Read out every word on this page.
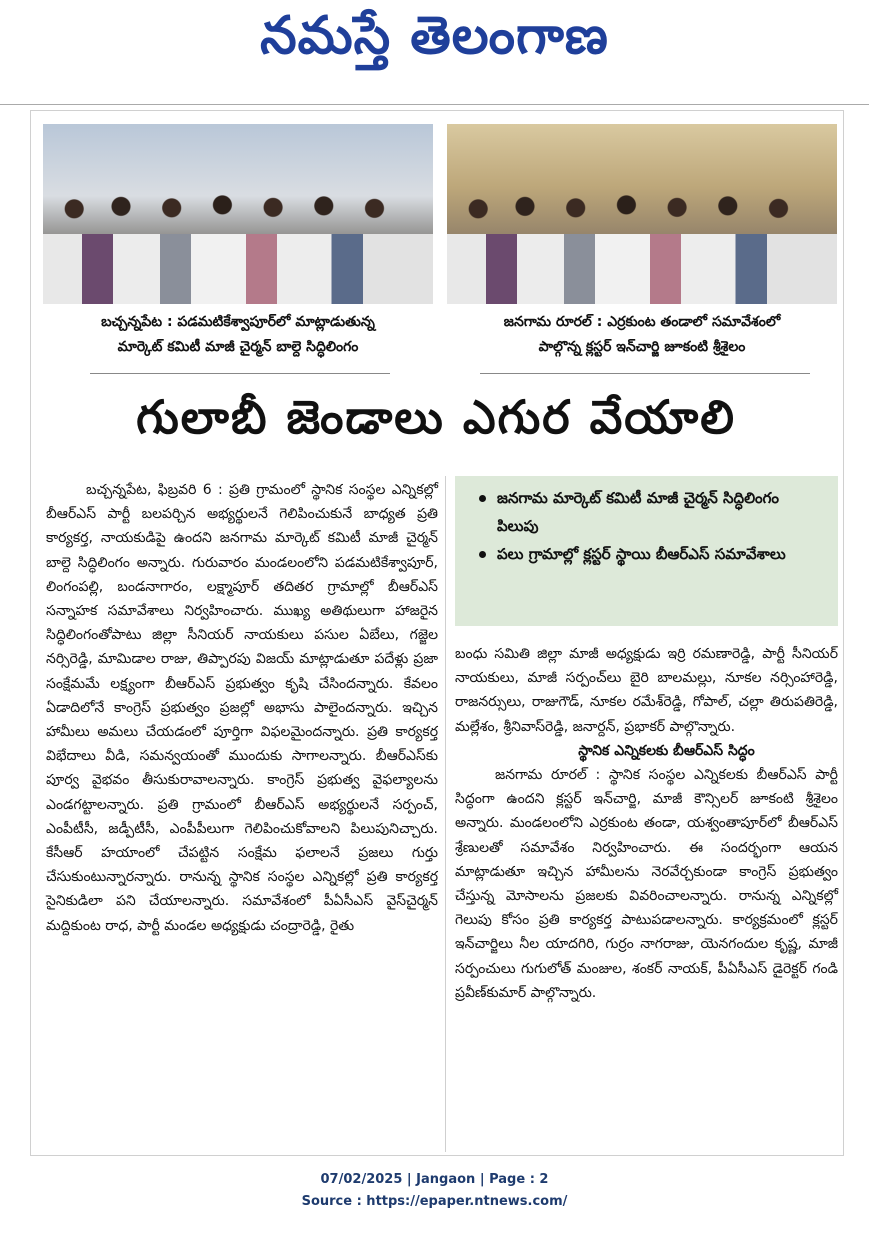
నమస్తే తెలంగాణ
బచ్చన్నపేట : పడమటికేశ్వాపూర్‌లో మాట్లాడుతున్న
మార్కెట్ కమిటీ మాజీ చైర్మన్ బాల్దె సిద్ధిలింగం
జనగామ రూరల్ : ఎర్రకుంట తండాలో సమావేశంలో
పాల్గొన్న క్లస్టర్ ఇన్‌చార్జి జూకంటి శ్రీశైలం
గులాబీ జెండాలు ఎగుర వేయాలి

బచ్చన్నపేట, ఫిబ్రవరి 6 : ప్రతి గ్రామంలో స్థానిక సంస్థల ఎన్నికల్లో బీఆర్‌ఎస్ పార్టీ బలపర్చిన అభ్యర్థులనే గెలిపించుకునే బాధ్యత ప్రతి కార్యకర్త, నాయకుడిపై ఉందని జనగామ మార్కెట్ కమిటీ మాజీ చైర్మన్ బాల్దె సిద్ధిలింగం అన్నారు. గురువారం మండలంలోని పడమటికేశ్వాపూర్, లింగంపల్లి, బండనాగారం, లక్ష్మాపూర్ తదితర గ్రామాల్లో బీఆర్‌ఎస్ సన్నాహక సమావేశాలు నిర్వహించారు. ముఖ్య అతిథులుగా హాజరైన సిద్ధిలింగంతోపాటు జిల్లా సీనియర్ నాయకులు పసుల ఏబేలు, గజ్జెల నర్సిరెడ్డి, మామిడాల రాజు, తిప్పారపు విజయ్ మాట్లాడుతూ పదేళ్లు ప్రజా సంక్షేమమే లక్ష్యంగా బీఆర్‌ఎస్ ప్రభుత్వం కృషి చేసిందన్నారు. కేవలం ఏడాదిలోనే కాంగ్రెస్ ప్రభుత్వం ప్రజల్లో అభాసు పాలైందన్నారు. ఇచ్చిన హామీలు అమలు చేయడంలో పూర్తిగా విఫలమైందన్నారు. ప్రతి కార్యకర్త విభేదాలు వీడి, సమన్వయంతో ముందుకు సాగాలన్నారు. బీఆర్‌ఎస్‌కు పూర్వ వైభవం తీసుకురావాలన్నారు. కాంగ్రెస్ ప్రభుత్వ వైఫల్యాలను ఎండగట్టాలన్నారు. ప్రతి గ్రామంలో బీఆర్‌ఎస్ అభ్యర్థులనే సర్పంచ్, ఎంపీటీసీ, జడ్పీటీసీ, ఎంపీపీలుగా గెలిపించుకోవాలని పిలుపునిచ్చారు. కేసీఆర్ హయాంలో చేపట్టిన సంక్షేమ ఫలాలనే ప్రజలు గుర్తు చేసుకుంటున్నారన్నారు. రానున్న స్థానిక సంస్థల ఎన్నికల్లో ప్రతి కార్యకర్త సైనికుడిలా పని చేయాలన్నారు. సమావేశంలో పీఏసీఎస్ వైస్‌చైర్మన్ మద్దికుంట రాధ, పార్టీ మండల అధ్యక్షుడు చంద్రారెడ్డి, రైతు

జనగామ మార్కెట్ కమిటీ మాజీ చైర్మన్ సిద్ధిలింగం పిలుపు
పలు గ్రామాల్లో క్లస్టర్ స్థాయి బీఆర్‌ఎస్ సమావేశాలు

బంధు సమితి జిల్లా మాజీ అధ్యక్షుడు ఇర్రి రమణారెడ్డి, పార్టీ సీనియర్ నాయకులు, మాజీ సర్పంచ్‌లు బైరి బాలమల్లు, నూకల నర్సింహారెడ్డి, రాజనర్సులు, రాజుగౌడ్, నూకల రమేశ్‌రెడ్డి, గోపాల్, చల్లా తిరుపతిరెడ్డి, మల్లేశం, శ్రీనివాస్‌రెడ్డి, జనార్దన్, ప్రభాకర్ పాల్గొన్నారు.

స్థానిక ఎన్నికలకు బీఆర్‌ఎస్ సిద్ధం

జనగామ రూరల్ : స్థానిక సంస్థల ఎన్నికలకు బీఆర్‌ఎస్ పార్టీ సిద్ధంగా ఉందని క్లస్టర్ ఇన్‌చార్జి, మాజీ కౌన్సిలర్ జూకంటి శ్రీశైలం అన్నారు. మండలంలోని ఎర్రకుంట తండా, యశ్వంతాపూర్‌లో బీఆర్‌ఎస్ శ్రేణులతో సమావేశం నిర్వహించారు. ఈ సందర్భంగా ఆయన మాట్లాడుతూ ఇచ్చిన హామీలను నెరవేర్చకుండా కాంగ్రెస్ ప్రభుత్వం చేస్తున్న మోసాలను ప్రజలకు వివరించాలన్నారు. రానున్న ఎన్నికల్లో గెలుపు కోసం ప్రతి కార్యకర్త పాటుపడాలన్నారు. కార్యక్రమంలో క్లస్టర్ ఇన్‌చార్జిలు నీల యాదగిరి, గుర్రం నాగరాజు, యెనగందుల కృష్ణ, మాజీ సర్పంచులు గుగులోత్ మంజుల, శంకర్ నాయక్, పీఏసీఎస్ డైరెక్టర్ గండి ప్రవీణ్‌కుమార్ పాల్గొన్నారు.

07/02/2025 | Jangaon | Page : 2
Source : https://epaper.ntnews.com/
